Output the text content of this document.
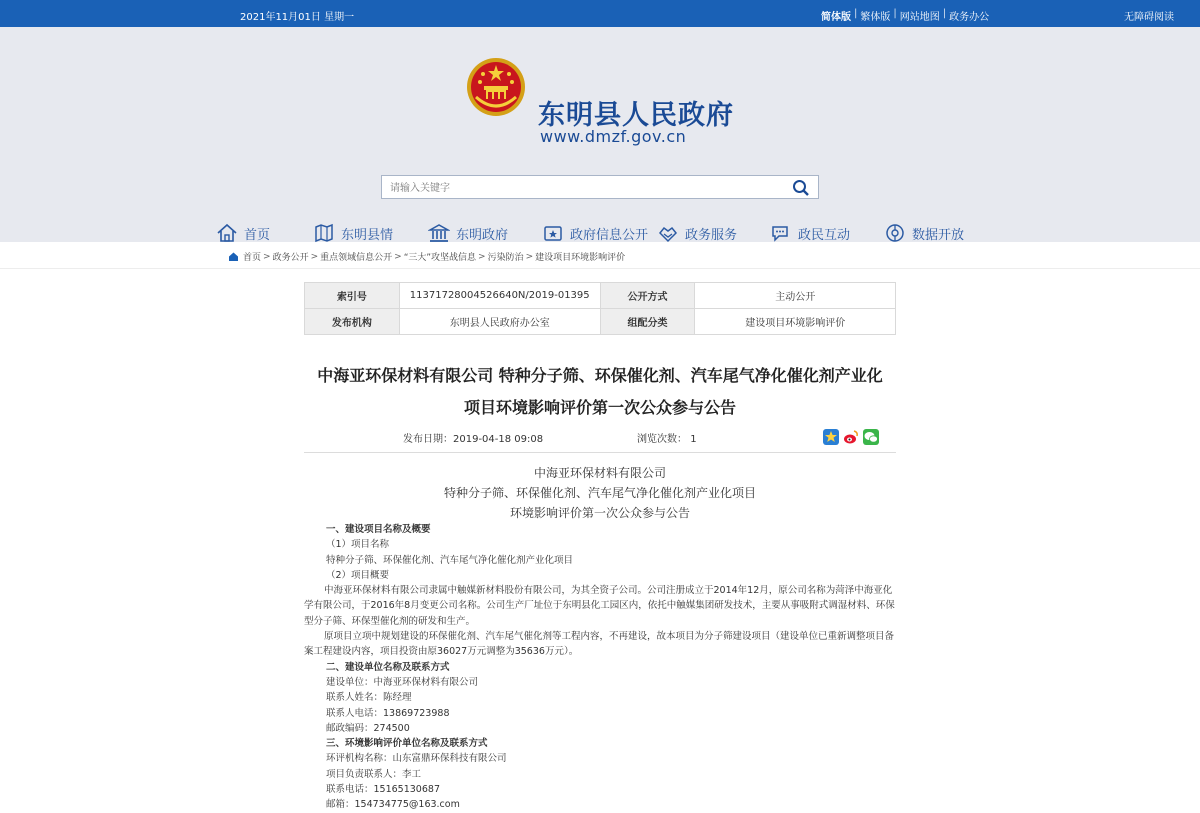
2021年11月01日 星期一	简体版 | 繁体版 | 网站地图 | 政务办公	无障碍阅读
东明县人民政府
www.dmzf.gov.cn
请输入关键字
首页	东明县情	东明政府	政府信息公开	政务服务	政民互动	数据开放
首页 > 政务公开 > 重点领域信息公开 > “三大”攻坚战信息 > 污染防治 > 建设项目环境影响评价
索引号	11371728004526640N/2019-01395	公开方式	主动公开
发布机构	东明县人民政府办公室	组配分类	建设项目环境影响评价
中海亚环保材料有限公司 特种分子筛、环保催化剂、汽车尾气净化催化剂产业化
项目环境影响评价第一次公众参与公告
发布日期：2019-04-18 09:08	浏览次数： 1
中海亚环保材料有限公司
特种分子筛、环保催化剂、汽车尾气净化催化剂产业化项目
环境影响评价第一次公众参与公告

一、建设项目名称及概要

（1）项目名称

特种分子筛、环保催化剂、汽车尾气净化催化剂产业化项目

（2）项目概要

中海亚环保材料有限公司隶属中触媒新材料股份有限公司，为其全资子公司。公司注册成立于2014年12月，原公司名称为菏泽中海亚化学有限公司，于2016年8月变更公司名称。公司生产厂址位于东明县化工园区内，依托中触媒集团研发技术，主要从事吸附式调湿材料、环保型分子筛、环保型催化剂的研发和生产。

原项目立项中规划建设的环保催化剂、汽车尾气催化剂等工程内容，不再建设，故本项目为分子筛建设项目（建设单位已重新调整项目备案工程建设内容，项目投资由原36027万元调整为35636万元）。

二、建设单位名称及联系方式

建设单位：中海亚环保材料有限公司

联系人姓名：陈经理

联系人电话：13869723988

邮政编码：274500

三、环境影响评价单位名称及联系方式

环评机构名称：山东富鼎环保科技有限公司

项目负责联系人：李工

联系电话：15165130687

邮箱：154734775@163.com
